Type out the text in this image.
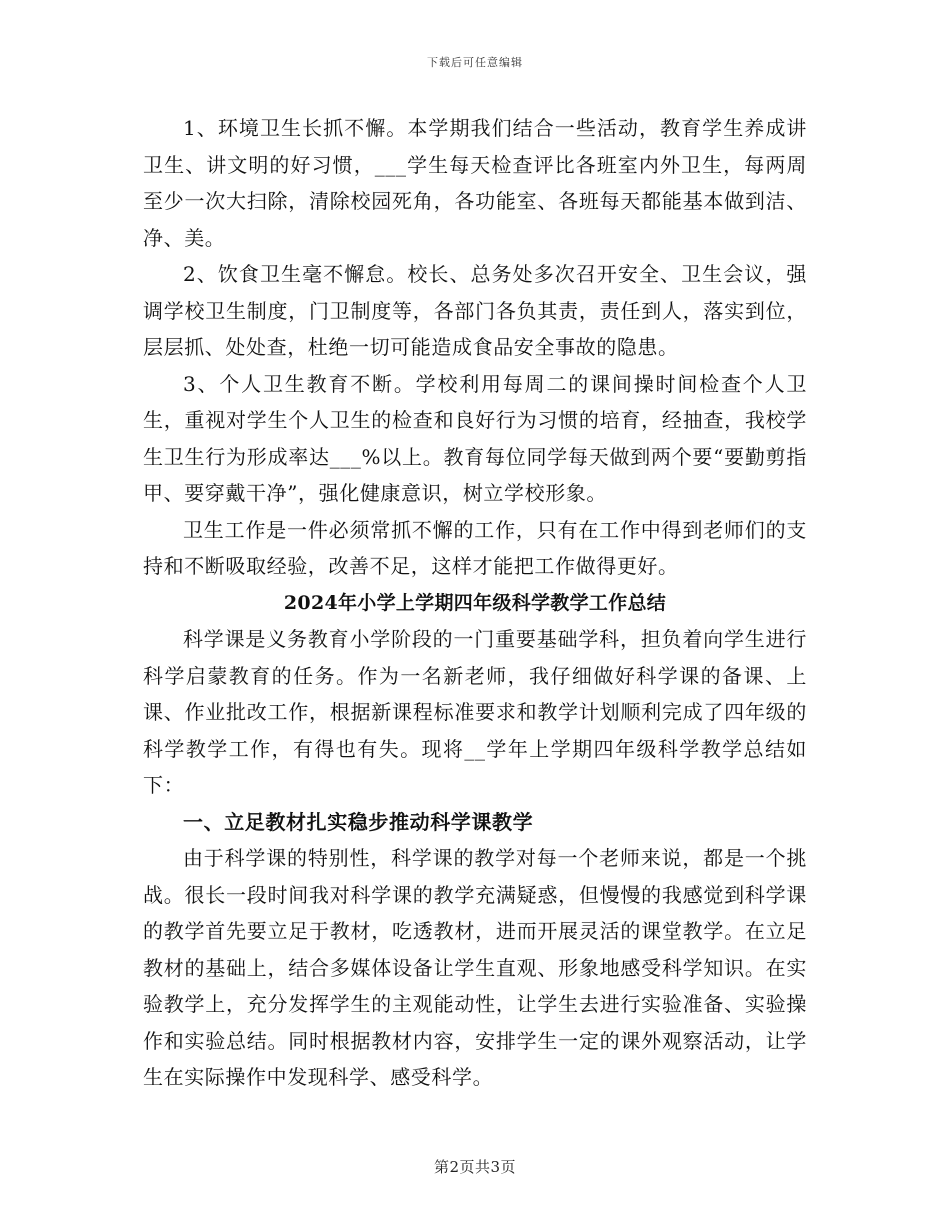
下载后可任意编辑

1、环境卫生长抓不懈。本学期我们结合一些活动，教育学生养成讲卫生、讲文明的好习惯，___学生每天检查评比各班室内外卫生，每两周至少一次大扫除，清除校园死角，各功能室、各班每天都能基本做到洁、净、美。

2、饮食卫生毫不懈怠。校长、总务处多次召开安全、卫生会议，强调学校卫生制度，门卫制度等，各部门各负其责，责任到人，落实到位，层层抓、处处查，杜绝一切可能造成食品安全事故的隐患。

3、个人卫生教育不断。学校利用每周二的课间操时间检查个人卫生，重视对学生个人卫生的检查和良好行为习惯的培育，经抽查，我校学生卫生行为形成率达___%以上。教育每位同学每天做到两个要“要勤剪指甲、要穿戴干净”，强化健康意识，树立学校形象。

卫生工作是一件必须常抓不懈的工作，只有在工作中得到老师们的支持和不断吸取经验，改善不足，这样才能把工作做得更好。

2024年小学上学期四年级科学教学工作总结

科学课是义务教育小学阶段的一门重要基础学科，担负着向学生进行科学启蒙教育的任务。作为一名新老师，我仔细做好科学课的备课、上课、作业批改工作，根据新课程标准要求和教学计划顺利完成了四年级的科学教学工作，有得也有失。现将__学年上学期四年级科学教学总结如下：

一、立足教材扎实稳步推动科学课教学

由于科学课的特别性，科学课的教学对每一个老师来说，都是一个挑战。很长一段时间我对科学课的教学充满疑惑，但慢慢的我感觉到科学课的教学首先要立足于教材，吃透教材，进而开展灵活的课堂教学。在立足教材的基础上，结合多媒体设备让学生直观、形象地感受科学知识。在实验教学上，充分发挥学生的主观能动性，让学生去进行实验准备、实验操作和实验总结。同时根据教材内容，安排学生一定的课外观察活动，让学生在实际操作中发现科学、感受科学。

第2页共3页
